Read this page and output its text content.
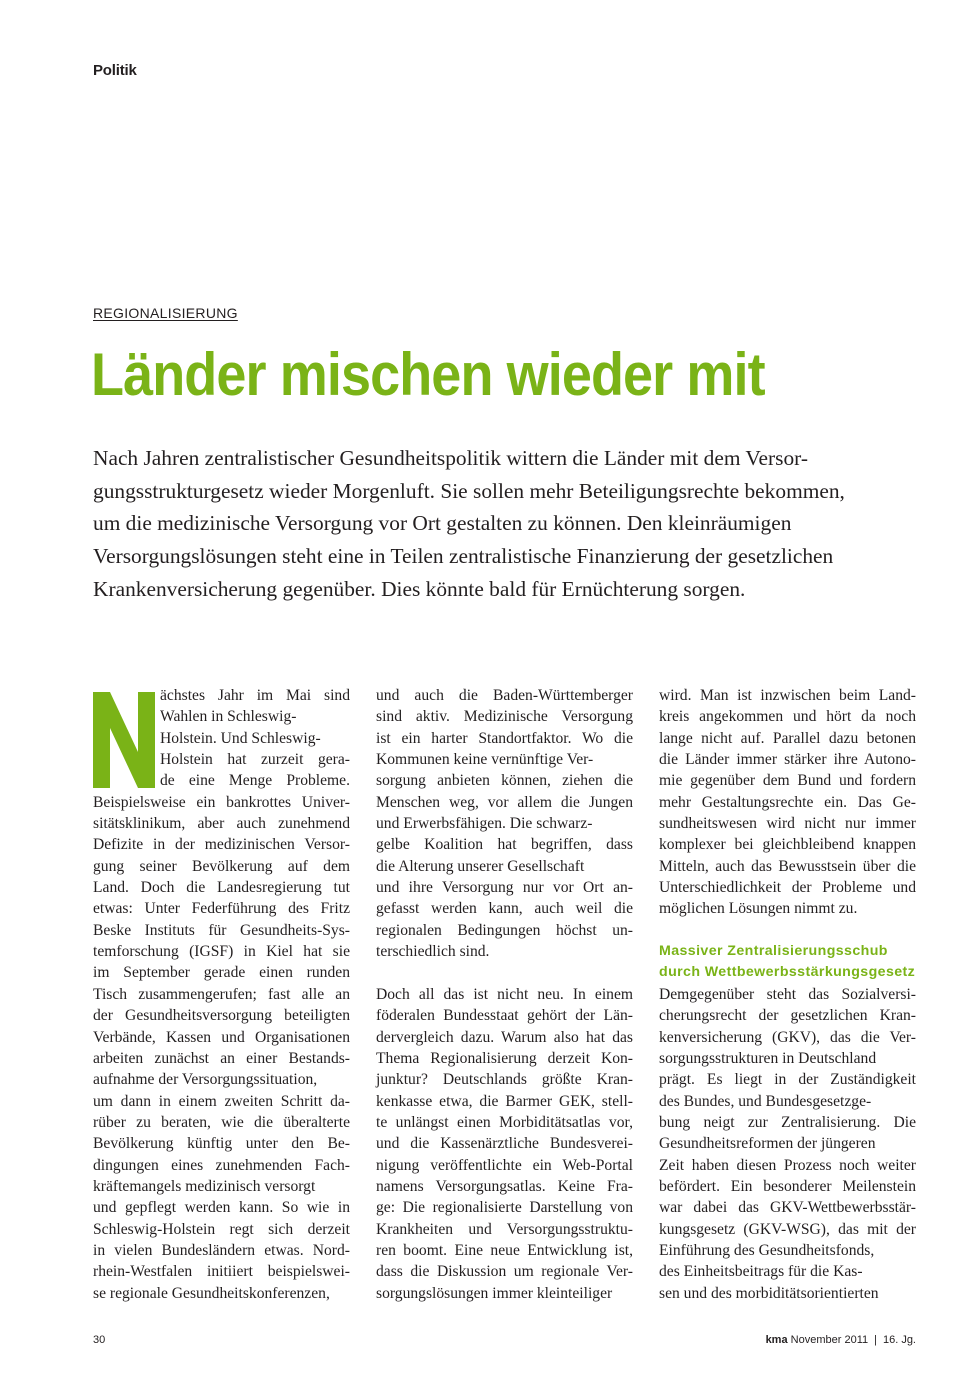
Politik
REGIONALISIERUNG
Länder mischen wieder mit
Nach Jahren zentralistischer Gesundheitspolitik wittern die Länder mit dem Versor-
gungsstrukturgesetz wieder Morgenluft. Sie sollen mehr Beteiligungsrechte bekommen,
um die medizinische Versorgung vor Ort gestalten zu können. Den kleinräumigen
Versorgungslösungen steht eine in Teilen zentralistische Finanzierung der gesetzlichen
Krankenversicherung gegenüber. Dies könnte bald für Ernüchterung sorgen.
ächstes Jahr im Mai sind
Wahlen in Schleswig-
Holstein. Und Schleswig-
Holstein hat zurzeit gera-
de eine Menge Probleme.
Beispielsweise ein bankrottes Univer-
sitätsklinikum, aber auch zunehmend
Defizite in der medizinischen Versor-
gung seiner Bevölkerung auf dem
Land. Doch die Landesregierung tut
etwas: Unter Federführung des Fritz
Beske Instituts für Gesundheits-Sys-
temforschung (IGSF) in Kiel hat sie
im September gerade einen runden
Tisch zusammengerufen; fast alle an
der Gesundheitsversorgung beteiligten
Verbände, Kassen und Organisationen
arbeiten zunächst an einer Bestands-
aufnahme der Versorgungssituation,
um dann in einem zweiten Schritt da-
rüber zu beraten, wie die überalterte
Bevölkerung künftig unter den Be-
dingungen eines zunehmenden Fach-
kräftemangels medizinisch versorgt
und gepflegt werden kann. So wie in
Schleswig-Holstein regt sich derzeit
in vielen Bundesländern etwas. Nord-
rhein-Westfalen initiiert beispielswei-
se regionale Gesundheitskonferenzen,
und auch die Baden-Württemberger
sind aktiv. Medizinische Versorgung
ist ein harter Standortfaktor. Wo die
Kommunen keine vernünftige Ver-
sorgung anbieten können, ziehen die
Menschen weg, vor allem die Jungen
und Erwerbsfähigen. Die schwarz-
gelbe Koalition hat begriffen, dass
die Alterung unserer Gesellschaft
und ihre Versorgung nur vor Ort an-
gefasst werden kann, auch weil die
regionalen Bedingungen höchst un-
terschiedlich sind.
Doch all das ist nicht neu. In einem
föderalen Bundesstaat gehört der Län-
dervergleich dazu. Warum also hat das
Thema Regionalisierung derzeit Kon-
junktur? Deutschlands größte Kran-
kenkasse etwa, die Barmer GEK, stell-
te unlängst einen Morbiditätsatlas vor,
und die Kassenärztliche Bundesverei-
nigung veröffentlichte ein Web-Portal
namens Versorgungsatlas. Keine Fra-
ge: Die regionalisierte Darstellung von
Krankheiten und Versorgungsstruktu-
ren boomt. Eine neue Entwicklung ist,
dass die Diskussion um regionale Ver-
sorgungslösungen immer kleinteiliger
wird. Man ist inzwischen beim Land-
kreis angekommen und hört da noch
lange nicht auf. Parallel dazu betonen
die Länder immer stärker ihre Autono-
mie gegenüber dem Bund und fordern
mehr Gestaltungsrechte ein. Das Ge-
sundheitswesen wird nicht nur immer
komplexer bei gleichbleibend knappen
Mitteln, auch das Bewusstsein über die
Unterschiedlichkeit der Probleme und
möglichen Lösungen nimmt zu.
Massiver Zentralisierungsschub
durch Wettbewerbsstärkungsgesetz
Demgegenüber steht das Sozialversi-
cherungsrecht der gesetzlichen Kran-
kenversicherung (GKV), das die Ver-
sorgungsstrukturen in Deutschland
prägt. Es liegt in der Zuständigkeit
des Bundes, und Bundesgesetzge-
bung neigt zur Zentralisierung. Die
Gesundheitsreformen der jüngeren
Zeit haben diesen Prozess noch weiter
befördert. Ein besonderer Meilenstein
war dabei das GKV-Wettbewerbsstär-
kungsgesetz (GKV-WSG), das mit der
Einführung des Gesundheitsfonds,
des Einheitsbeitrags für die Kas-
sen und des morbiditätsorientierten
30	kma November 2011 | 16. Jg.
